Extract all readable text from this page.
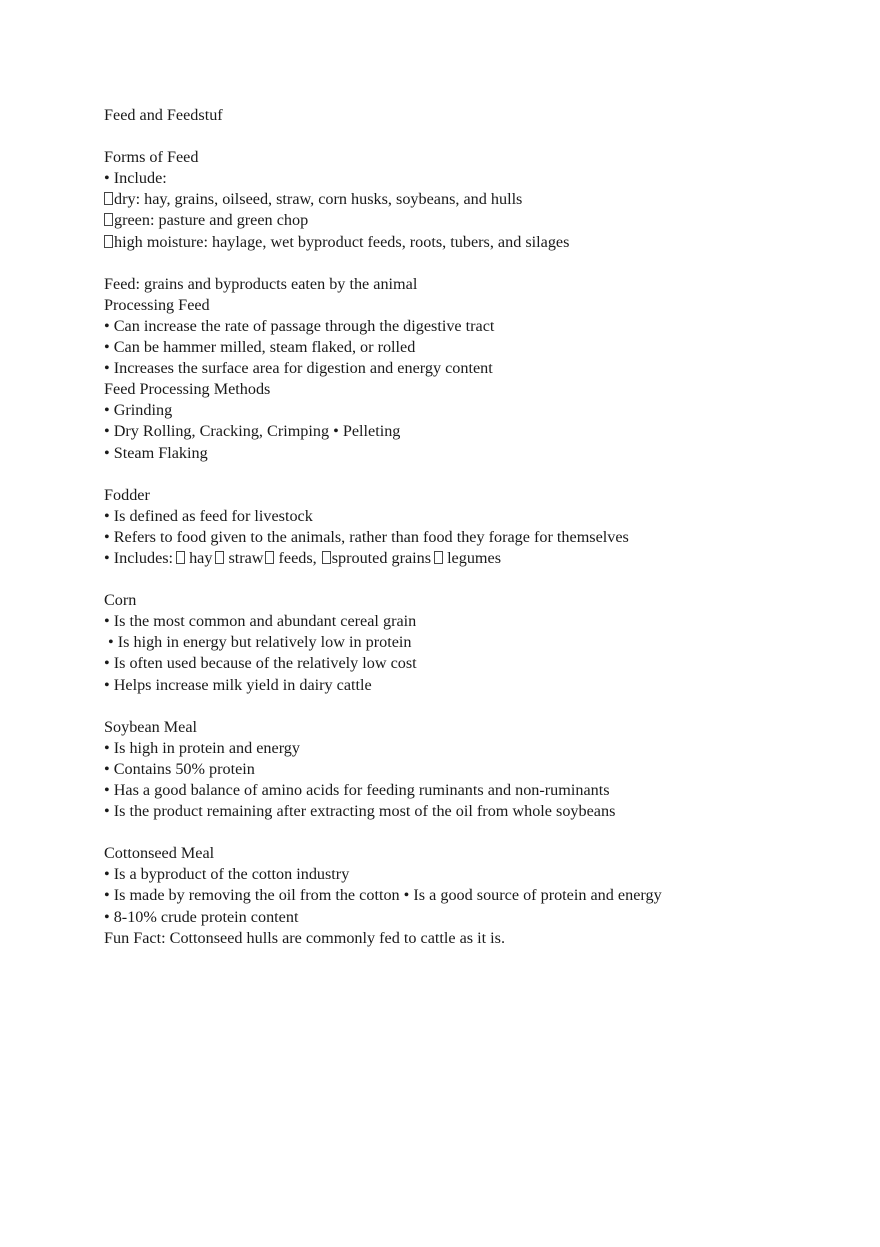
Feed and Feedstuf
Forms of Feed
• Include:
dry: hay, grains, oilseed, straw, corn husks, soybeans, and hulls
green: pasture and green chop
high moisture: haylage, wet byproduct feeds, roots, tubers, and silages
Feed: grains and byproducts eaten by the animal
Processing Feed
• Can increase the rate of passage through the digestive tract
• Can be hammer milled, steam flaked, or rolled
• Increases the surface area for digestion and energy content
Feed Processing Methods
• Grinding
• Dry Rolling, Cracking, Crimping • Pelleting
• Steam Flaking
Fodder
• Is defined as feed for livestock
• Refers to food given to the animals, rather than food they forage for themselves
• Includes: hay straw feeds, sprouted grains legumes
Corn
• Is the most common and abundant cereal grain
• Is high in energy but relatively low in protein
• Is often used because of the relatively low cost
• Helps increase milk yield in dairy cattle
Soybean Meal
• Is high in protein and energy
• Contains 50% protein
• Has a good balance of amino acids for feeding ruminants and non-ruminants
• Is the product remaining after extracting most of the oil from whole soybeans
Cottonseed Meal
• Is a byproduct of the cotton industry
• Is made by removing the oil from the cotton • Is a good source of protein and energy
• 8-10% crude protein content
Fun Fact: Cottonseed hulls are commonly fed to cattle as it is.
